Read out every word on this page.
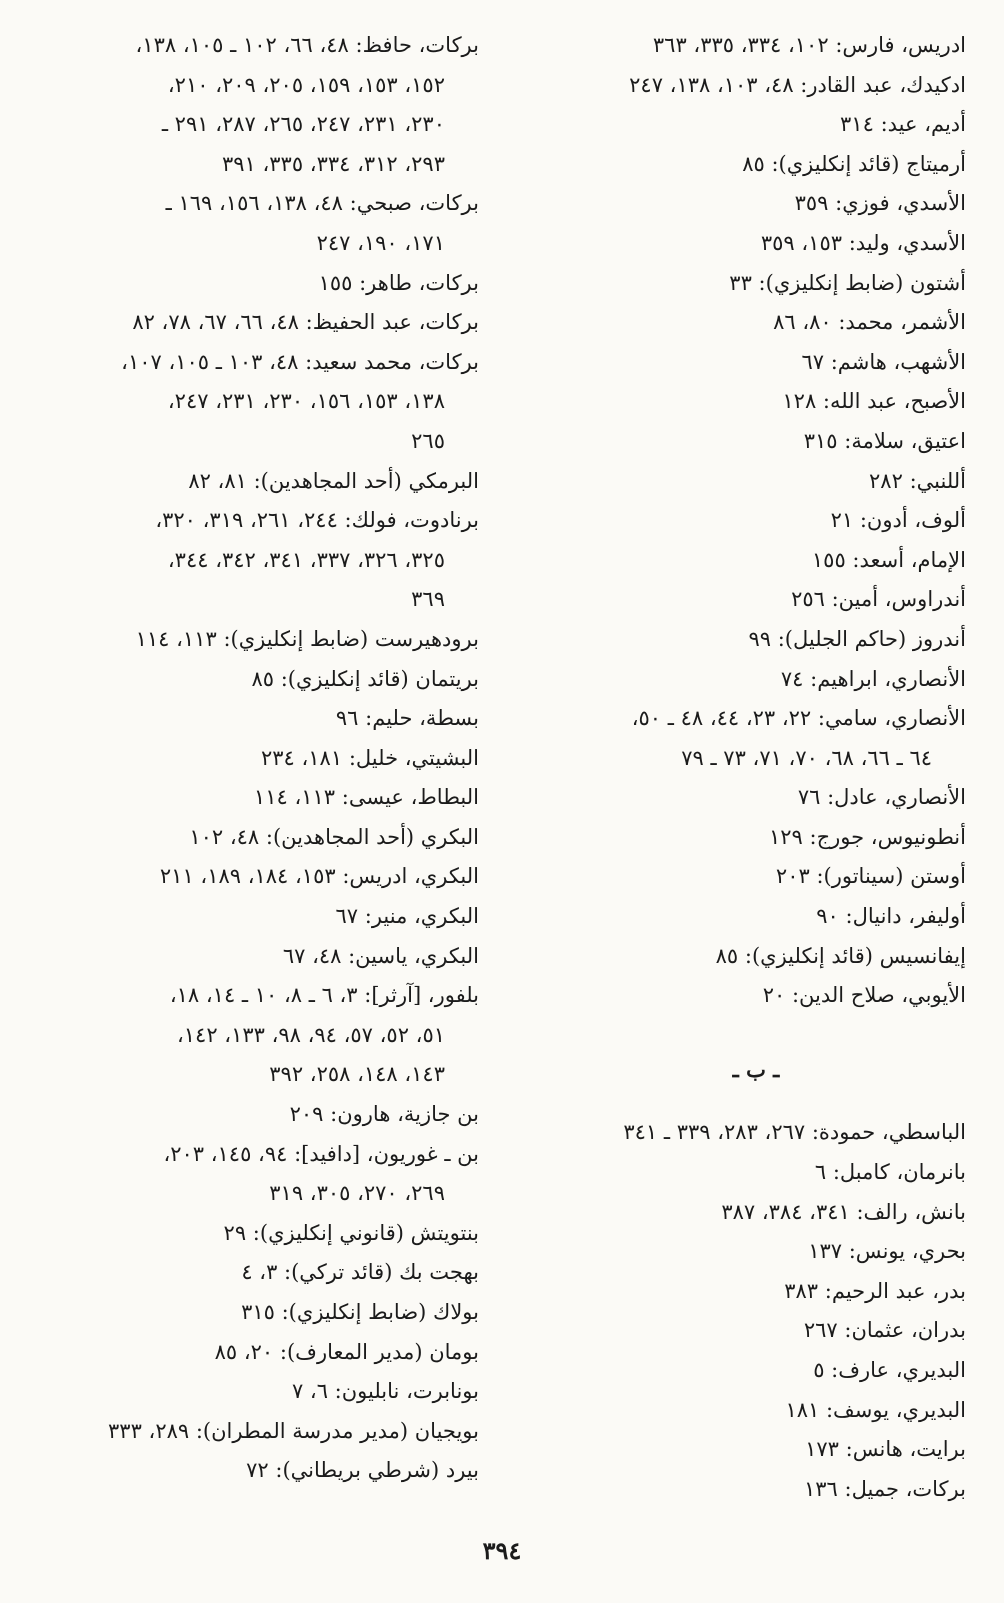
ادريس، فارس: ١٠٢، ٣٣٤، ٣٣٥، ٣٦٣
ادكيدك، عبد القادر: ٤٨، ١٠٣، ١٣٨، ٢٤٧
أديم، عيد: ٣١٤
أرميتاج (قائد إنكليزي): ٨٥
الأسدي، فوزي: ٣٥٩
الأسدي، وليد: ١٥٣، ٣٥٩
أشتون (ضابط إنكليزي): ٣٣
الأشمر، محمد: ٨٠، ٨٦
الأشهب، هاشم: ٦٧
الأصبح، عبد الله: ١٢٨
اعتيق، سلامة: ٣١٥
أللنبي: ٢٨٢
ألوف، أدون: ٢١
الإمام، أسعد: ١٥٥
أندراوس، أمين: ٢٥٦
أندروز (حاكم الجليل): ٩٩
الأنصاري، ابراهيم: ٧٤
الأنصاري، سامي: ٢٢، ٢٣، ٤٤، ٤٨ ـ ٥٠،
٦٤ ـ ٦٦، ٦٨، ٧٠، ٧١، ٧٣ ـ ٧٩
الأنصاري، عادل: ٧٦
أنطونيوس، جورج: ١٢٩
أوستن (سيناتور): ٢٠٣
أوليفر، دانيال: ٩٠
إيفانسيس (قائد إنكليزي): ٨٥
الأيوبي، صلاح الدين: ٢٠
ـ ب ـ
الباسطي، حمودة: ٢٦٧، ٢٨٣، ٣٣٩ ـ ٣٤١
بانرمان، كامبل: ٦
بانش، رالف: ٣٤١، ٣٨٤، ٣٨٧
بحري، يونس: ١٣٧
بدر، عبد الرحيم: ٣٨٣
بدران، عثمان: ٢٦٧
البديري، عارف: ٥
البديري، يوسف: ١٨١
برايت، هانس: ١٧٣
بركات، جميل: ١٣٦
بركات، حافظ: ٤٨، ٦٦، ١٠٢ ـ ١٠٥، ١٣٨،
١٥٢، ١٥٣، ١٥٩، ٢٠٥، ٢٠٩، ٢١٠،
٢٣٠، ٢٣١، ٢٤٧، ٢٦٥، ٢٨٧، ٢٩١ ـ
٢٩٣، ٣١٢، ٣٣٤، ٣٣٥، ٣٩١
بركات، صبحي: ٤٨، ١٣٨، ١٥٦، ١٦٩ ـ
١٧١، ١٩٠، ٢٤٧
بركات، طاهر: ١٥٥
بركات، عبد الحفيظ: ٤٨، ٦٦، ٦٧، ٧٨، ٨٢
بركات، محمد سعيد: ٤٨، ١٠٣ ـ ١٠٥، ١٠٧،
١٣٨، ١٥٣، ١٥٦، ٢٣٠، ٢٣١، ٢٤٧،
٢٦٥
البرمكي (أحد المجاهدين): ٨١، ٨٢
برنادوت، فولك: ٢٤٤، ٢٦١، ٣١٩، ٣٢٠،
٣٢٥، ٣٢٦، ٣٣٧، ٣٤١، ٣٤٢، ٣٤٤،
٣٦٩
برودهيرست (ضابط إنكليزي): ١١٣، ١١٤
بريتمان (قائد إنكليزي): ٨٥
بسطة، حليم: ٩٦
البشيتي، خليل: ١٨١، ٢٣٤
البطاط، عيسى: ١١٣، ١١٤
البكري (أحد المجاهدين): ٤٨، ١٠٢
البكري، ادريس: ١٥٣، ١٨٤، ١٨٩، ٢١١
البكري، منير: ٦٧
البكري، ياسين: ٤٨، ٦٧
بلفور، [آرثر]: ٣، ٦ ـ ٨، ١٠ ـ ١٤، ١٨،
٥١، ٥٢، ٥٧، ٩٤، ٩٨، ١٣٣، ١٤٢،
١٤٣، ١٤٨، ٢٥٨، ٣٩٢
بن جازية، هارون: ٢٠٩
بن ـ غوريون، [دافيد]: ٩٤، ١٤٥، ٢٠٣،
٢٦٩، ٢٧٠، ٣٠٥، ٣١٩
بنتويتش (قانوني إنكليزي): ٢٩
بهجت بك (قائد تركي): ٣، ٤
بولاك (ضابط إنكليزي): ٣١٥
بومان (مدير المعارف): ٢٠، ٨٥
بونابرت، نابليون: ٦، ٧
بويجيان (مدير مدرسة المطران): ٢٨٩، ٣٣٣
بيرد (شرطي بريطاني): ٧٢
٣٩٤
